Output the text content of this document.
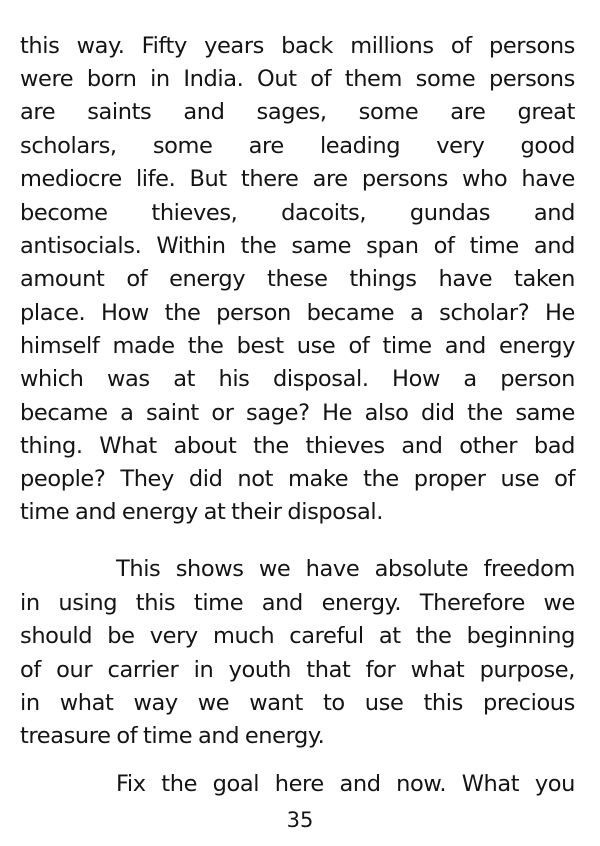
this way. Fifty years back millions of persons
were born in India. Out of them some persons
are saints and sages, some are great
scholars, some are leading very good
mediocre life. But there are persons who have
become thieves, dacoits, gundas and
antisocials. Within the same span of time and
amount of energy these things have taken
place. How the person became a scholar? He
himself made the best use of time and energy
which was at his disposal. How a person
became a saint or sage? He also did the same
thing. What about the thieves and other bad
people? They did not make the proper use of
time and energy at their disposal.
This shows we have absolute freedom
in using this time and energy. Therefore we
should be very much careful at the beginning
of our carrier in youth that for what purpose,
in what way we want to use this precious
treasure of time and energy.
Fix the goal here and now. What you
35
